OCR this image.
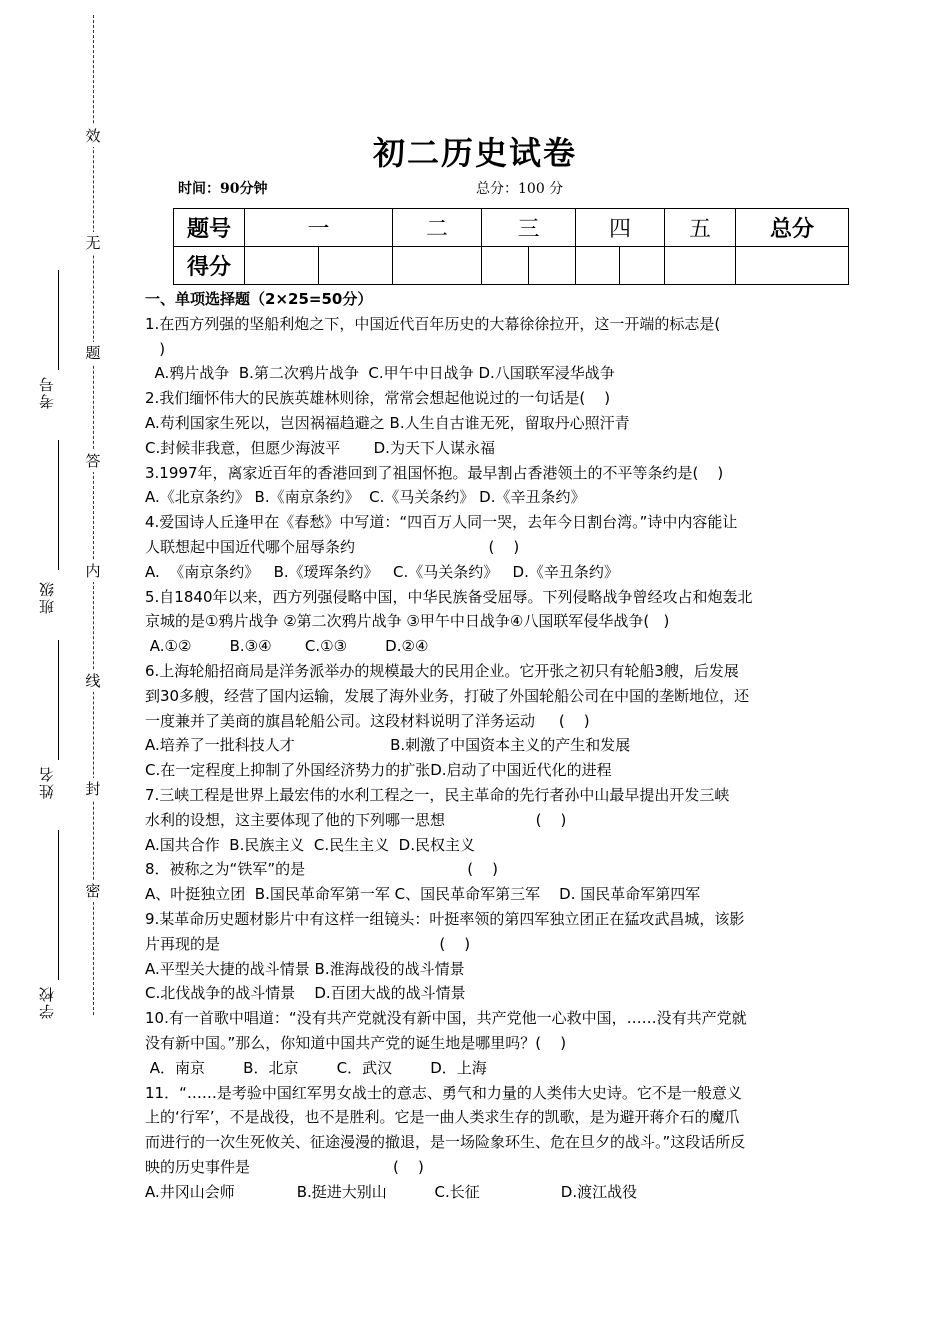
效
无
题
答
内
线
封
密
考号
班级
姓名
学校
初二历史试卷
时间：90分钟	总分：100 分
题号	一		二	三		四		五	总分
得分									

一、单项选择题（2×25=50分）

1.在西方列强的坚船利炮之下，中国近代百年历史的大幕徐徐拉开，这一开端的标志是(

)

A.鸦片战争  B.第二次鸦片战争  C.甲午中日战争 D.八国联军浸华战争

2.我们缅怀伟大的民族英雄林则徐，常常会想起他说过的一句话是(    )

A.苟利国家生死以，岂因祸福趋避之 B.人生自古谁无死，留取丹心照汗青

C.封候非我意，但愿少海波平       D.为天下人谋永福

3.1997年，离家近百年的香港回到了祖国怀抱。最早割占香港领土的不平等条约是(    )

A.《北京条约》 B.《南京条约》  C.《马关条约》 D.《辛丑条约》

4.爱国诗人丘逢甲在《春愁》中写道：“四百万人同一哭，去年今日割台湾。”诗中内容能让

人联想起中国近代哪个屈辱条约                            (    )

A.  《南京条约》   B.《瑷珲条约》   C.《马关条约》   D.《辛丑条约》

5.自1840年以来，西方列强侵略中国，中华民族备受屈辱。下列侵略战争曾经攻占和炮轰北

京城的是①鸦片战争 ②第二次鸦片战争 ③甲午中日战争④八国联军侵华战争(   )

A.①②        B.③④       C.①③        D.②④

6.上海轮船招商局是洋务派举办的规模最大的民用企业。它开张之初只有轮船3艘，后发展

到30多艘，经营了国内运输，发展了海外业务，打破了外国轮船公司在中国的垄断地位，还

一度兼并了美商的旗昌轮船公司。这段材料说明了洋务运动     (    )

A.培养了一批科技人才                    B.刺激了中国资本主义的产生和发展

C.在一定程度上抑制了外国经济势力的扩张D.启动了中国近代化的进程

7.三峡工程是世界上最宏伟的水利工程之一，民主革命的先行者孙中山最早提出开发三峡

水利的设想，这主要体现了他的下列哪一思想                   (    )

A.国共合作  B.民族主义  C.民生主义  D.民权主义

8．被称之为“铁军”的是                                  (    )

A、叶挺独立团  B.国民革命军第一军 C、国民革命军第三军    D. 国民革命军第四军

9.某革命历史题材影片中有这样一组镜头：叶挺率领的第四军独立团正在猛攻武昌城，该影

片再现的是                                              (    )

A.平型关大捷的战斗情景 B.淮海战役的战斗情景

C.北伐战争的战斗情景    D.百团大战的战斗情景

10.有一首歌中唱道：“没有共产党就没有新中国，共产党他一心救中国，……没有共产党就

没有新中国。”那么，你知道中国共产党的诞生地是哪里吗？(    )

A．南京        B．北京        C．武汉        D．上海

11．“……是考验中国红军男女战士的意志、勇气和力量的人类伟大史诗。它不是一般意义

上的‘行军’，不是战役，也不是胜利。它是一曲人类求生存的凯歌，是为避开蒋介石的魔爪

而进行的一次生死攸关、征途漫漫的撤退，是一场险象环生、危在旦夕的战斗。”这段话所反

映的历史事件是                              (    )

A.井冈山会师             B.挺进大别山          C.长征                 D.渡江战役
